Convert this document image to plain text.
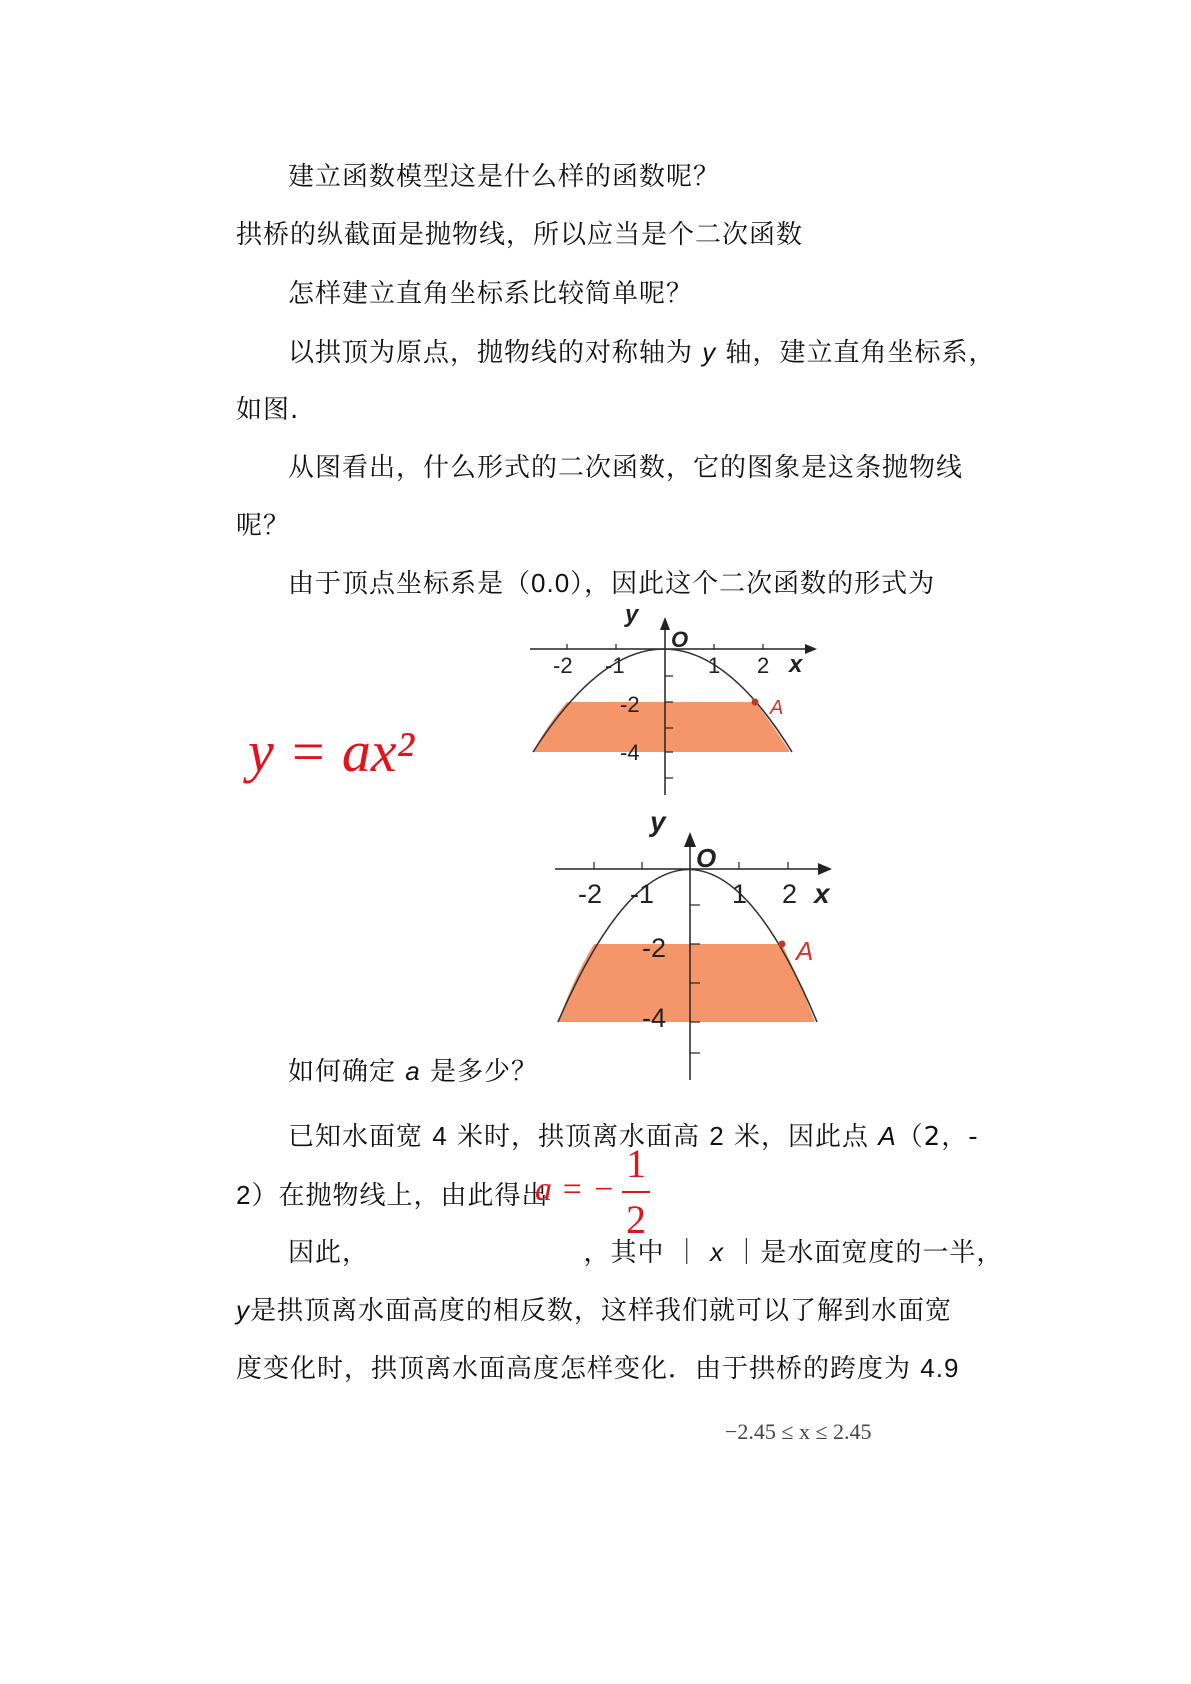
建立函数模型这是什么样的函数呢？
拱桥的纵截面是抛物线，所以应当是个二次函数
怎样建立直角坐标系比较简单呢？
以拱顶为原点，抛物线的对称轴为 y 轴，建立直角坐标系，
如图.
从图看出，什么形式的二次函数，它的图象是这条抛物线
呢？
由于顶点坐标系是（0.0），因此这个二次函数的形式为
y = ax²
A
y
O
x
-2 -1	1 2
-2
-4
A
y
O
x
-2 -1	1 2
-2
-4
如何确定 a 是多少？
已知水面宽 4 米时，拱顶离水面高 2 米，因此点 A（2，-
2）在抛物线上，由此得出
a = −
1
2
因此，	，其中 ｜ x ｜是水面宽度的一半，
y是拱顶离水面高度的相反数，这样我们就可以了解到水面宽
度变化时，拱顶离水面高度怎样变化．由于拱桥的跨度为 4.9
−2.45 ≤ x ≤ 2.45
